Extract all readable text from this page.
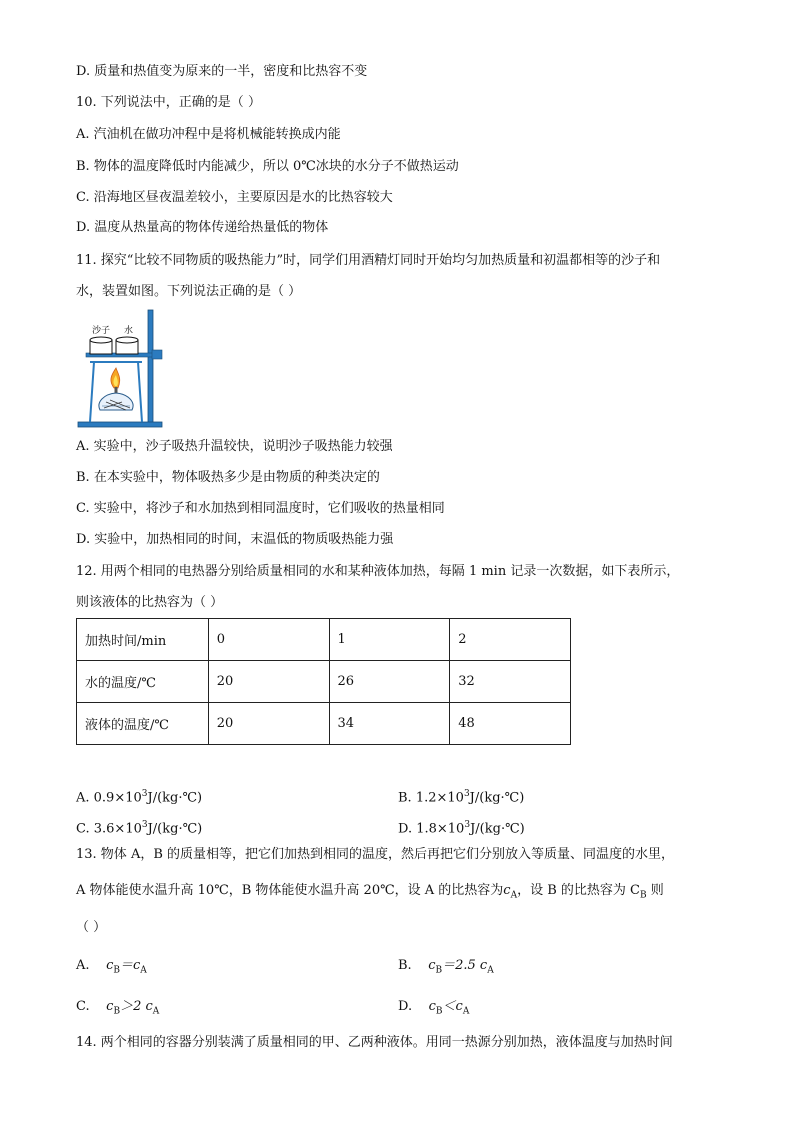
D. 质量和热值变为原来的一半，密度和比热容不变
10. 下列说法中，正确的是（ ）
A. 汽油机在做功冲程中是将机械能转换成内能
B. 物体的温度降低时内能减少，所以 0℃冰块的水分子不做热运动
C. 沿海地区昼夜温差较小，主要原因是水的比热容较大
D. 温度从热量高的物体传递给热量低的物体
11. 探究“比较不同物质的吸热能力”时，同学们用酒精灯同时开始均匀加热质量和初温都相等的沙子和
水，装置如图。下列说法正确的是（ ）
沙子 水
A. 实验中，沙子吸热升温较快，说明沙子吸热能力较强
B. 在本实验中，物体吸热多少是由物质的种类决定的
C. 实验中，将沙子和水加热到相同温度时，它们吸收的热量相同
D. 实验中，加热相同的时间，末温低的物质吸热能力强
12. 用两个相同的电热器分别给质量相同的水和某种液体加热，每隔 1 min 记录一次数据，如下表所示，
则该液体的比热容为（ ）
加热时间/min	0	1	2
水的温度/℃	20	26	32
液体的温度/℃	20	34	48
A. $0.9\times 10^3J/(kg\cdot℃)$	B. $1.2\times 10^3J/(kg\cdot℃)$
C. $3.6\times 10^3J/(kg\cdot℃)$	D. $1.8\times 10^3J/(kg\cdot℃)$
13. 物体 A，B 的质量相等，把它们加热到相同的温度，然后再把它们分别放入等质量、同温度的水里，
A 物体能使水温升高 10℃，B 物体能使水温升高 20℃，设 A 的比热容为$c_A$，设 B 的比热容为 $C_B$ 则
（ ）
A. $c_B=c_A$	B. $c_B=2.5$ $c_A$
C. $c_B>2$ $c_A$	D. $c_B<c_A$
14. 两个相同的容器分别装满了质量相同的甲、乙两种液体。用同一热源分别加热，液体温度与加热时间
